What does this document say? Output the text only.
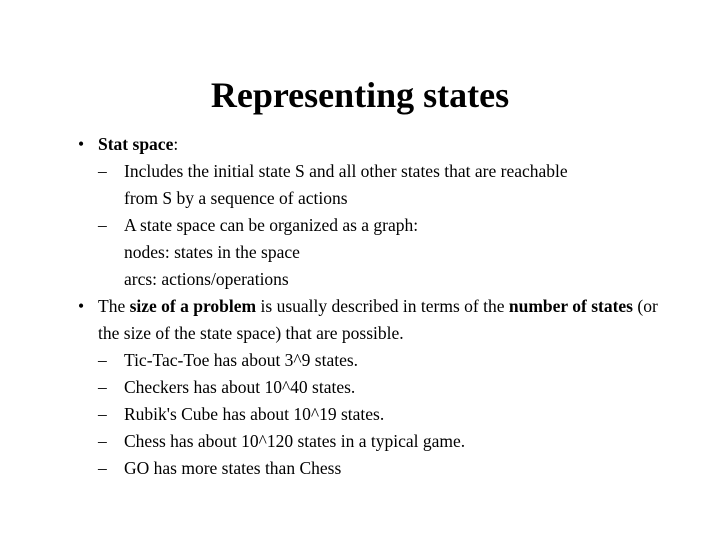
Representing states
• Stat space:
– Includes the initial state S and all other states that are reachable
from S by a sequence of actions
– A state space can be organized as a graph:
nodes: states in the space
arcs: actions/operations
• The size of a problem is usually described in terms of the number of states (or the size of the state space) that are possible.
– Tic-Tac-Toe has about 3^9 states.
– Checkers has about 10^40 states.
– Rubik's Cube has about 10^19 states.
– Chess has about 10^120 states in a typical game.
– GO has more states than Chess
